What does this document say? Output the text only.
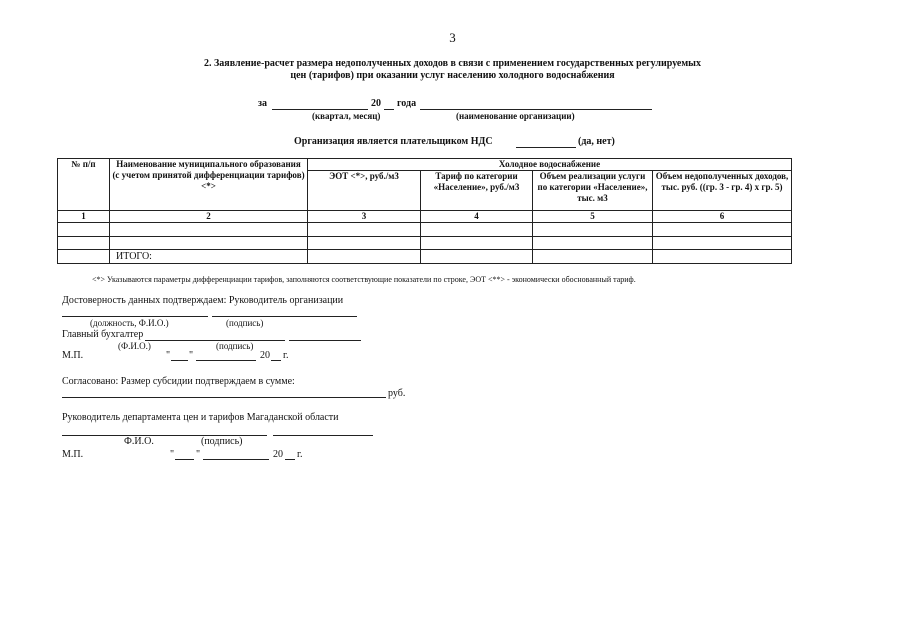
3
2. Заявление-расчет размера недополученных доходов в связи с применением государственных регулируемых цен (тарифов) при оказании услуг населению холодного водоснабжения
за	20 года
(квартал, месяц)	(наименование организации)
Организация является плательщиком НДС	(да, нет)
№ п/п	Наименование муниципального образования (с учетом принятой дифференциации тарифов) <*>	Холодное водоснабжение			
		ЭОТ <*>, руб./м3	Тариф по категории «Население», руб./м3	Объем реализации услуги по категории «Население», тыс. м3	Объем недополученных доходов, тыс. руб. ((гр. 3 - гр. 4) х гр. 5)
1	2	3	4	5	6

	ИТОГО:				
<*> Указываются параметры дифференциации тарифов, заполняются соответствующие показатели по строке, ЭОТ <**> - экономически обоснованный тариф.
Достоверность данных подтверждаем: Руководитель организации
(должность, Ф.И.О.)	(подпись)
Главный бухгалтер
(Ф.И.О.)	(подпись)
М.П.	" "	20 г.
Согласовано: Размер субсидии подтверждаем в сумме:
руб.
Руководитель департамента цен и тарифов Магаданской области
Ф.И.О.	(подпись)
М.П.	" "	20 г.
